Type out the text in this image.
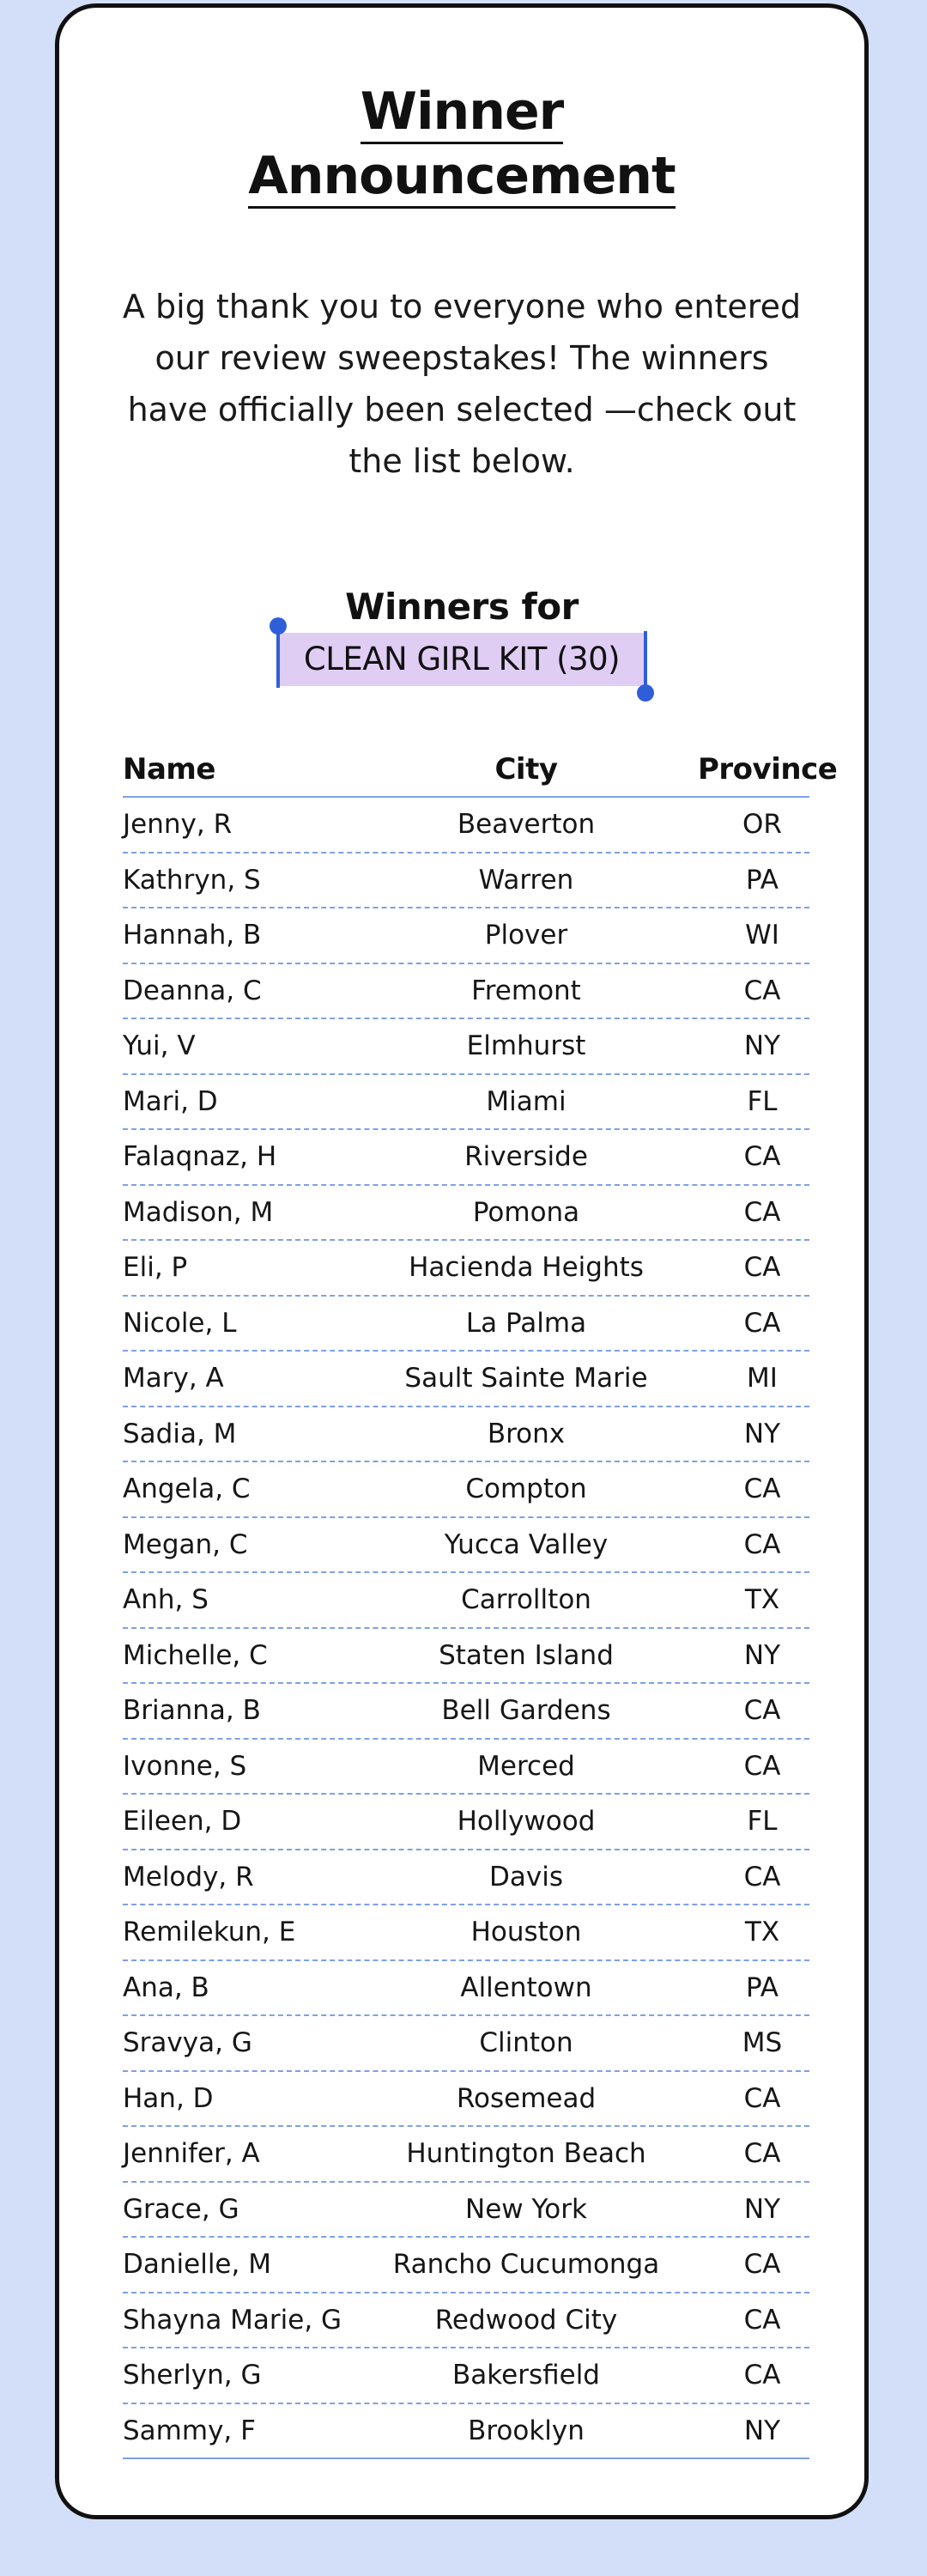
Winner
Announcement

A big thank you to everyone who entered our review sweepstakes! The winners have officially been selected —check out the list below.

Winners for
CLEAN GIRL KIT (30)
Name	City	Province
Jenny, R	Beaverton	OR
Kathryn, S	Warren	PA
Hannah, B	Plover	WI
Deanna, C	Fremont	CA
Yui, V	Elmhurst	NY
Mari, D	Miami	FL
Falaqnaz, H	Riverside	CA
Madison, M	Pomona	CA
Eli, P	Hacienda Heights	CA
Nicole, L	La Palma	CA
Mary, A	Sault Sainte Marie	MI
Sadia, M	Bronx	NY
Angela, C	Compton	CA
Megan, C	Yucca Valley	CA
Anh, S	Carrollton	TX
Michelle, C	Staten Island	NY
Brianna, B	Bell Gardens	CA
Ivonne, S	Merced	CA
Eileen, D	Hollywood	FL
Melody, R	Davis	CA
Remilekun, E	Houston	TX
Ana, B	Allentown	PA
Sravya, G	Clinton	MS
Han, D	Rosemead	CA
Jennifer, A	Huntington Beach	CA
Grace, G	New York	NY
Danielle, M	Rancho Cucumonga	CA
Shayna Marie, G	Redwood City	CA
Sherlyn, G	Bakersfield	CA
Sammy, F	Brooklyn	NY
